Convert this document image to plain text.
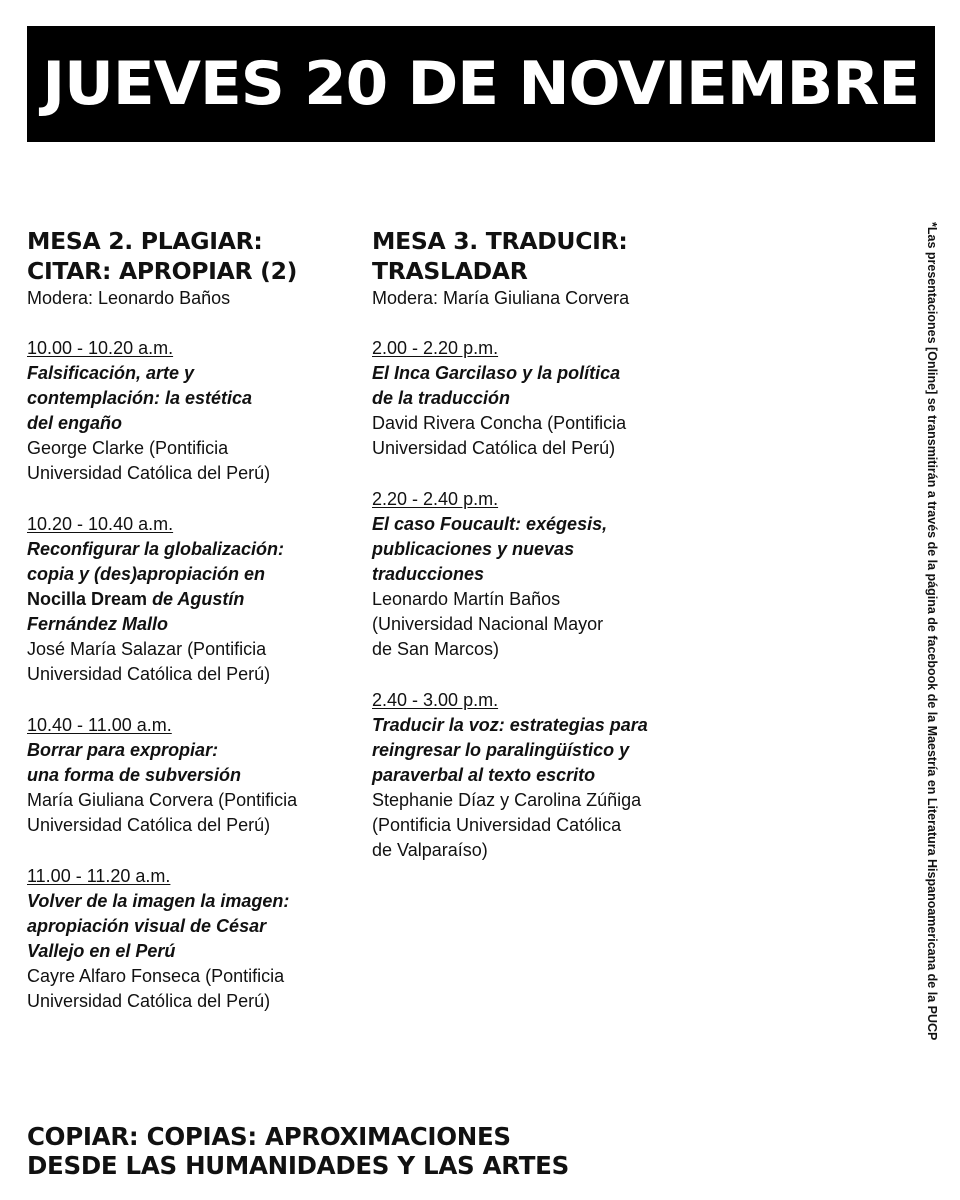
JUEVES 20 DE NOVIEMBRE
MESA 2. PLAGIAR:
CITAR: APROPIAR (2)

Modera: Leonardo Baños

10.00 - 10.20 a.m.
Falsificación, arte y
contemplación: la estética
del engaño
George Clarke (Pontificia
Universidad Católica del Perú)
10.20 - 10.40 a.m.
Reconfigurar la globalización:
copia y (des)apropiación en
Nocilla Dream de Agustín
Fernández Mallo
José María Salazar (Pontificia
Universidad Católica del Perú)
10.40 - 11.00 a.m.
Borrar para expropiar:
una forma de subversión
María Giuliana Corvera (Pontificia
Universidad Católica del Perú)
11.00 - 11.20 a.m.
Volver de la imagen la imagen:
apropiación visual de César
Vallejo en el Perú
Cayre Alfaro Fonseca (Pontificia
Universidad Católica del Perú)
MESA 3. TRADUCIR:
TRASLADAR

Modera: María Giuliana Corvera

2.00 - 2.20 p.m.
El Inca Garcilaso y la política
de la traducción
David Rivera Concha (Pontificia
Universidad Católica del Perú)
2.20 - 2.40 p.m.
El caso Foucault: exégesis,
publicaciones y nuevas
traducciones
Leonardo Martín Baños
(Universidad Nacional Mayor
de San Marcos)
2.40 - 3.00 p.m.
Traducir la voz: estrategias para
reingresar lo paralingüístico y
paraverbal al texto escrito
Stephanie Díaz y Carolina Zúñiga
(Pontificia Universidad Católica
de Valparaíso)	*Las presentaciones [Online] se transmitirán a través de la página de facebook de la Maestría en Literatura Hispanoamericana de la PUCP
COPIAR: COPIAS: APROXIMACIONES
DESDE LAS HUMANIDADES Y LAS ARTES
